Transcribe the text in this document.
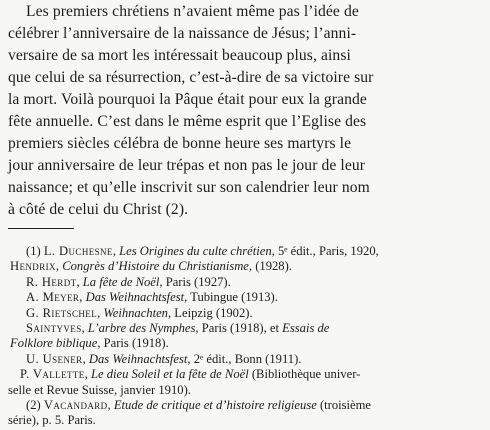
Les premiers chrétiens n’avaient même pas l’idée de
célébrer l’anniversaire de la naissance de Jésus; l’anni-
versaire de sa mort les intéressait beaucoup plus, ainsi
que celui de sa résurrection, c’est-à-dire de sa victoire sur
la mort. Voilà pourquoi la Pâque était pour eux la grande
fête annuelle. C’est dans le même esprit que l’Eglise des
premiers siècles célébra de bonne heure ses martyrs le
jour anniversaire de leur trépas et non pas le jour de leur
naissance; et qu’elle inscrivit sur son calendrier leur nom
à côté de celui du Christ (2).
(1) L. Duchesne, Les Origines du culte chrétien, 5ᵉ édit., Paris, 1920,
Hendrix, Congrès d’Histoire du Christianisme, (1928).
R. Herdt, La fête de Noël, Paris (1927).
A. Meyer, Das Weihnachtsfest, Tubingue (1913).
G. Rietschel, Weihnachten, Leipzig (1902).
Saintyves, L’arbre des Nymphes, Paris (1918), et Essais de
Folklore biblique, Paris (1918).
U. Usener, Das Weihnachtsfest, 2ᵉ édit., Bonn (1911).
P. Vallette, Le dieu Soleil et la fête de Noël (Bibliothèque univer-
selle et Revue Suisse, janvier 1910).
(2) Vacandard, Etude de critique et d’histoire religieuse (troisième
série), p. 5. Paris.
